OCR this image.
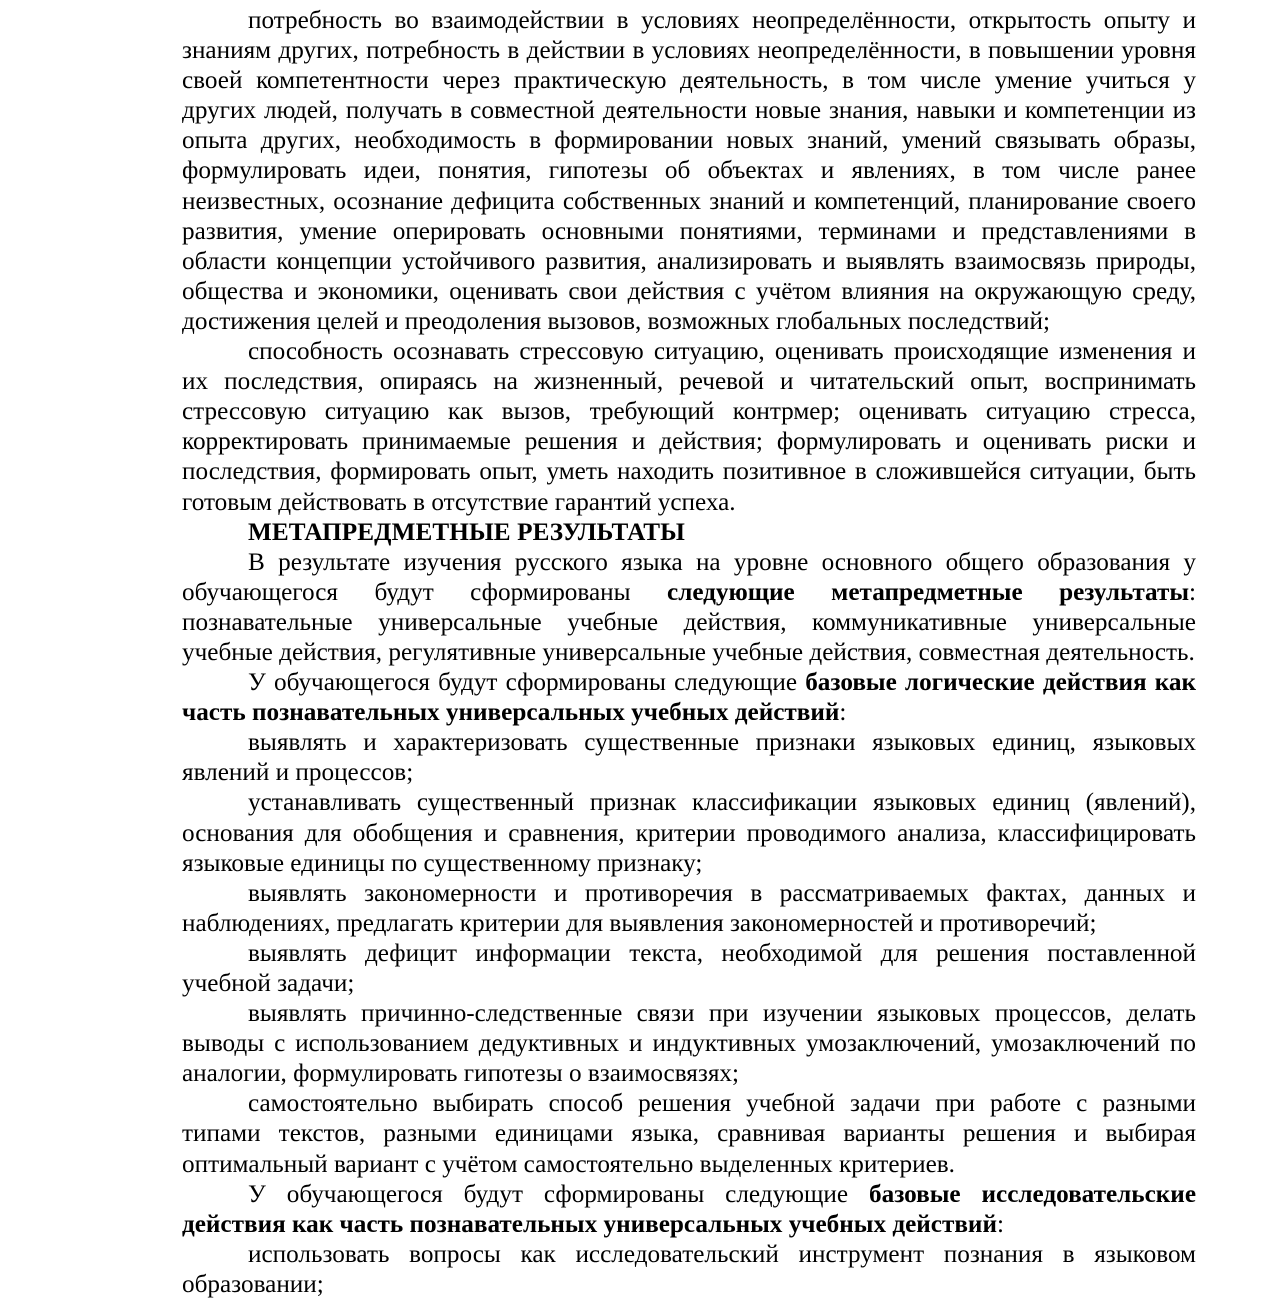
потребность во взаимодействии в условиях неопределённости, открытость опыту и знаниям других, потребность в действии в условиях неопределённости, в повышении уровня своей компетентности через практическую деятельность, в том числе умение учиться у других людей, получать в совместной деятельности новые знания, навыки и компетенции из опыта других, необходимость в формировании новых знаний, умений связывать образы, формулировать идеи, понятия, гипотезы об объектах и явлениях, в том числе ранее неизвестных, осознание дефицита собственных знаний и компетенций, планирование своего развития, умение оперировать основными понятиями, терминами и представлениями в области концепции устойчивого развития, анализировать и выявлять взаимосвязь природы, общества и экономики, оценивать свои действия с учётом влияния на окружающую среду, достижения целей и преодоления вызовов, возможных глобальных последствий;

способность осознавать стрессовую ситуацию, оценивать происходящие изменения и их последствия, опираясь на жизненный, речевой и читательский опыт, воспринимать стрессовую ситуацию как вызов, требующий контрмер; оценивать ситуацию стресса, корректировать принимаемые решения и действия; формулировать и оценивать риски и последствия, формировать опыт, уметь находить позитивное в сложившейся ситуации, быть готовым действовать в отсутствие гарантий успеха.

МЕТАПРЕДМЕТНЫЕ РЕЗУЛЬТАТЫ

В результате изучения русского языка на уровне основного общего образования у обучающегося будут сформированы следующие метапредметные результаты: познавательные универсальные учебные действия, коммуникативные универсальные учебные действия, регулятивные универсальные учебные действия, совместная деятельность.

У обучающегося будут сформированы следующие базовые логические действия как часть познавательных универсальных учебных действий:

выявлять и характеризовать существенные признаки языковых единиц, языковых явлений и процессов;

устанавливать существенный признак классификации языковых единиц (явлений), основания для обобщения и сравнения, критерии проводимого анализа, классифицировать языковые единицы по существенному признаку;

выявлять закономерности и противоречия в рассматриваемых фактах, данных и наблюдениях, предлагать критерии для выявления закономерностей и противоречий;

выявлять дефицит информации текста, необходимой для решения поставленной учебной задачи;

выявлять причинно-следственные связи при изучении языковых процессов, делать выводы с использованием дедуктивных и индуктивных умозаключений, умозаключений по аналогии, формулировать гипотезы о взаимосвязях;

самостоятельно выбирать способ решения учебной задачи при работе с разными типами текстов, разными единицами языка, сравнивая варианты решения и выбирая оптимальный вариант с учётом самостоятельно выделенных критериев.

У обучающегося будут сформированы следующие базовые исследовательские действия как часть познавательных универсальных учебных действий:

использовать вопросы как исследовательский инструмент познания в языковом образовании;
